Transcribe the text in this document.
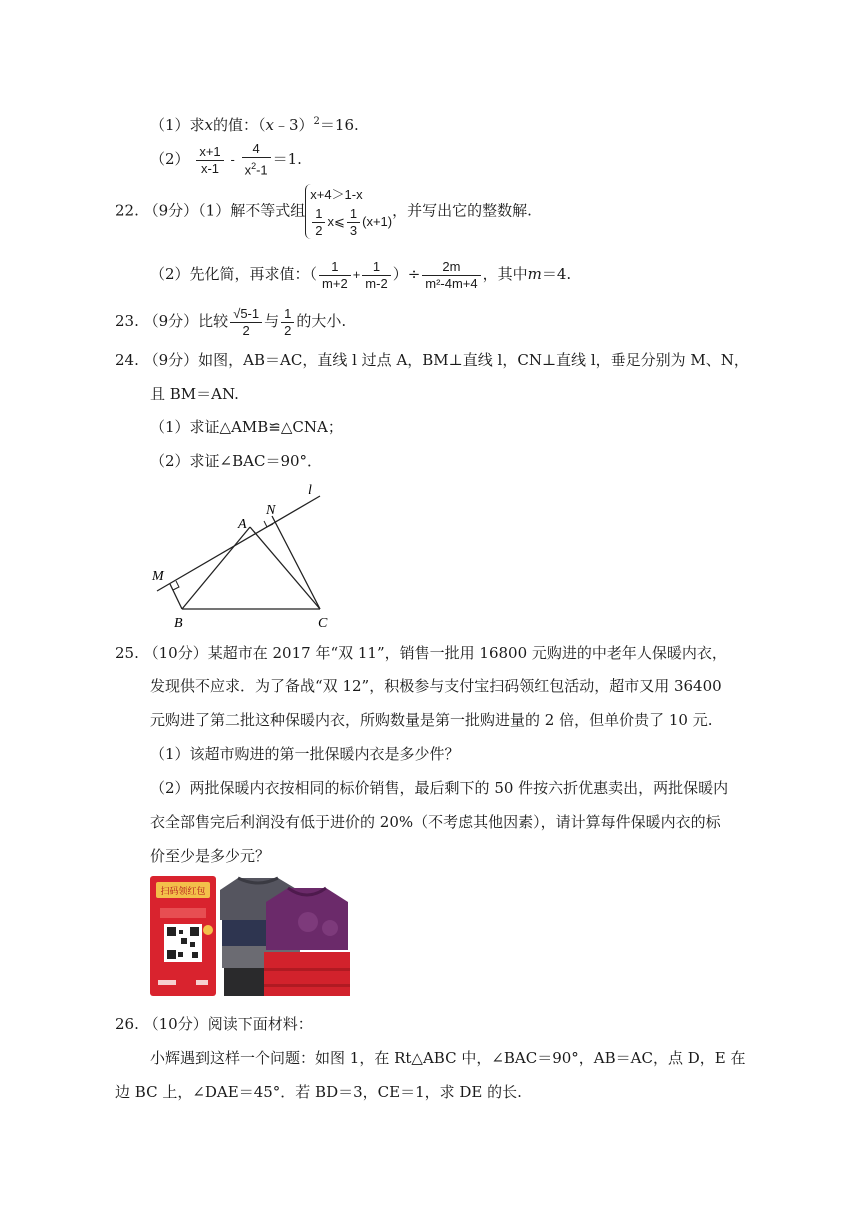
（1）求x的值：（x﹣3）$^2$＝16.
$(2) \frac{x+1}{x-1} - \frac{4}{x^2-1} =1$.
22. （9分）（1）解不等式组
x+4＞1-x
$\frac{1}{2}$ x⩽ $\frac{1}{3} (x+1)$
，并写出它的整数解.
（2）先化简，再求值：（ $\frac{1}{m+2} + \frac{1}{m-2}$ ）÷ $\frac{2m}{\text{m²-4m+4}}$ ，其中m＝4.
23. （9分）比较 $\frac{√5-1}{2}$ 与 $\frac{1}{2}$ 的大小.
24. （9分）如图，AB＝AC，直线 l 过点 A，BM⊥直线 l，CN⊥直线 l，垂足分别为 M、N，
且 BM＝AN.
（1）求证△AMB≌△CNA；
（2）求证∠BAC＝90°．
l
N
A
M
B	C
25. （10分）某超市在 2017 年“双 11”，销售一批用 16800 元购进的中老年人保暖内衣，
发现供不应求．为了备战“双 12”，积极参与支付宝扫码领红包活动，超市又用 36400
元购进了第二批这种保暖内衣，所购数量是第一批购进量的 2 倍，但单价贵了 10 元.
（1）该超市购进的第一批保暖内衣是多少件？
（2）两批保暖内衣按相同的标价销售，最后剩下的 50 件按六折优惠卖出，两批保暖内
衣全部售完后利润没有低于进价的 20%（不考虑其他因素），请计算每件保暖内衣的标
价至少是多少元？
扫码领红包
26. （10分）阅读下面材料：
小辉遇到这样一个问题：如图 1，在 Rt△ABC 中，∠BAC＝90°，AB＝AC，点 D，E 在
边 BC 上，∠DAE＝45°．若 BD＝3，CE＝1，求 DE 的长.
